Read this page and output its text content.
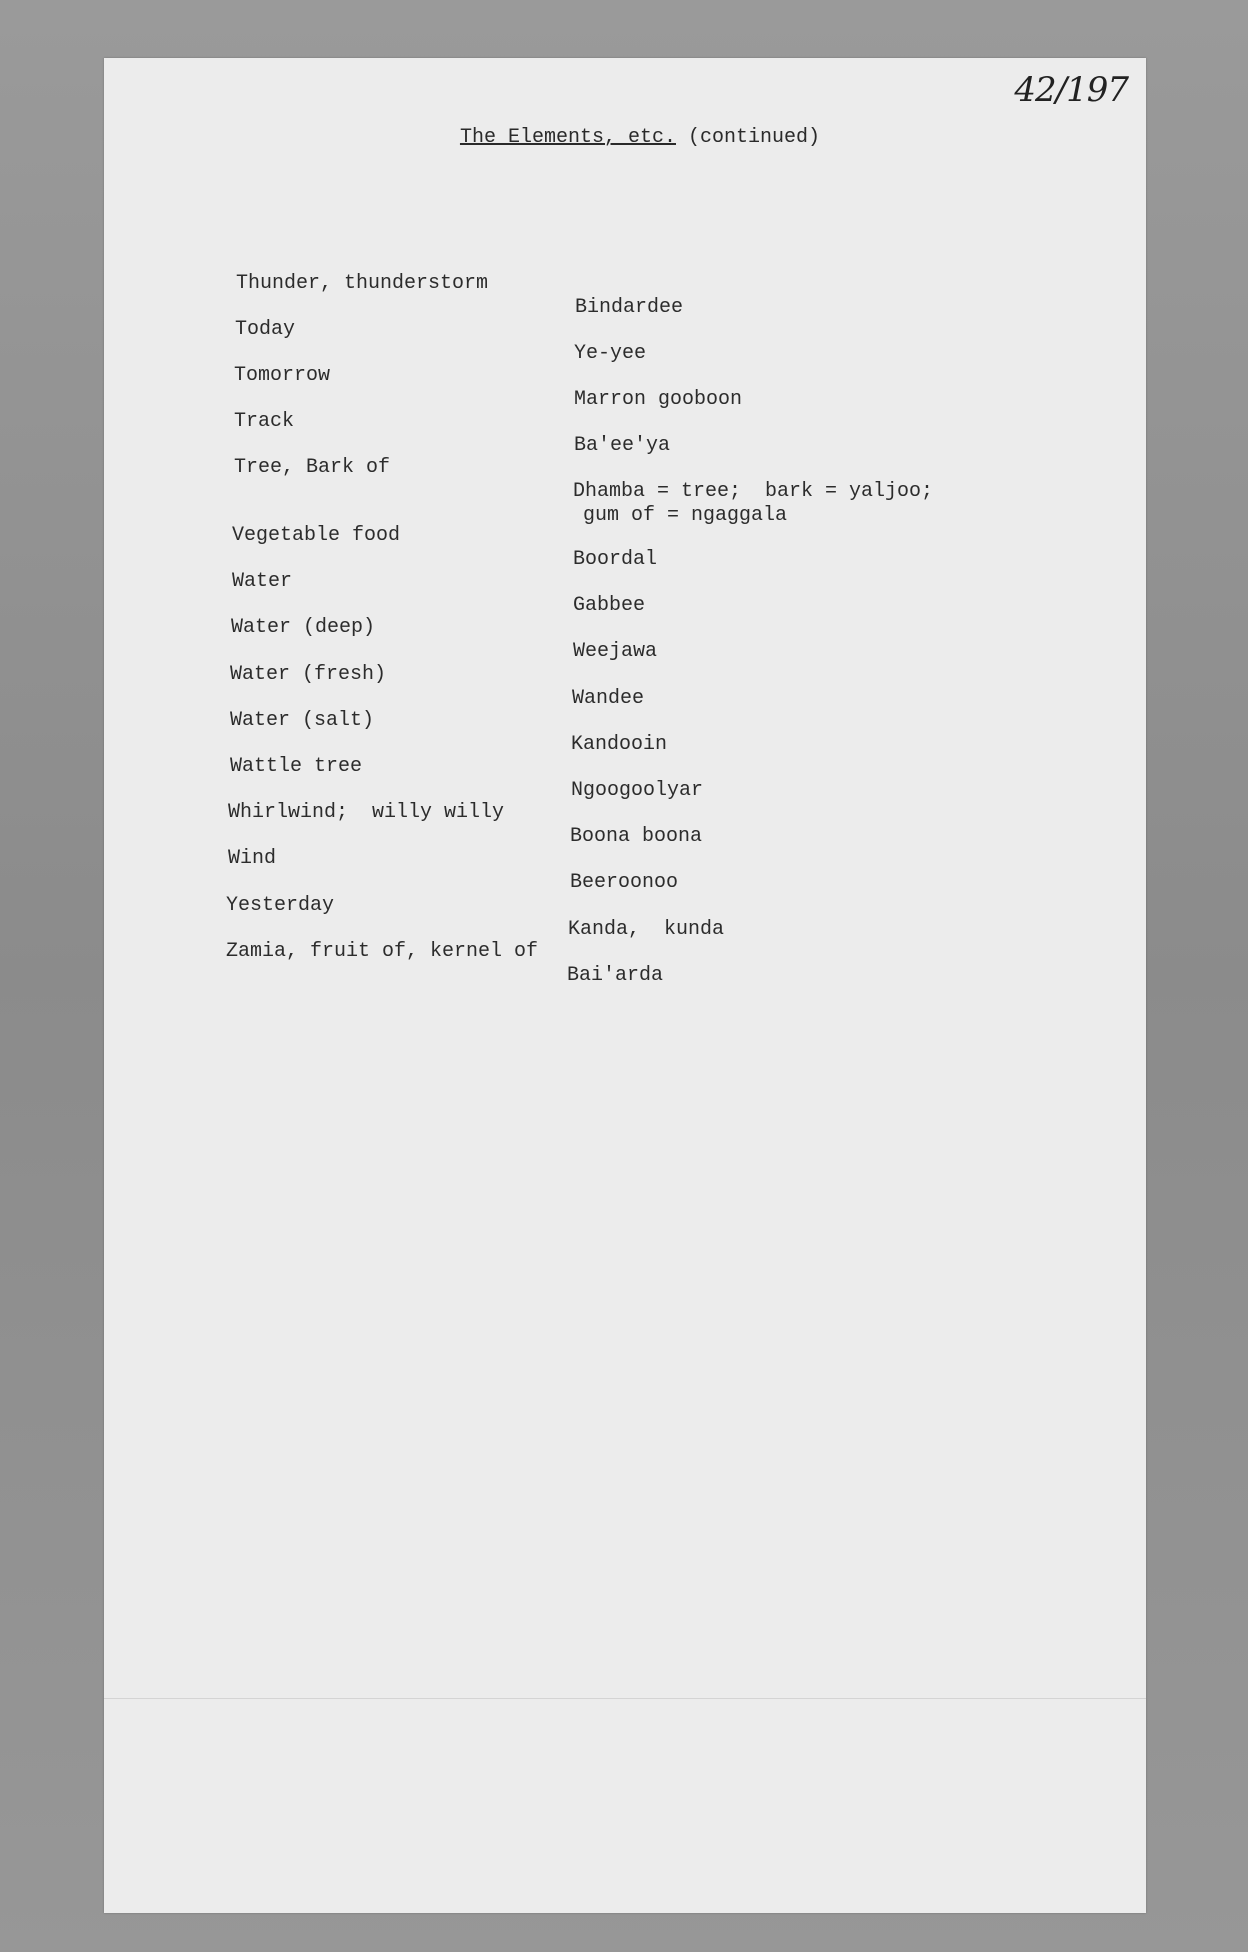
42/197
The Elements, etc. (continued)

Thunder, thunderstorm

Bindardee

Today

Ye-yee

Tomorrow

Marron gooboon

Track

Ba'ee'ya

Tree, Bark of

Dhamba = tree;  bark = yaljoo;
gum of = ngaggala

Vegetable food

Boordal

Water

Gabbee

Water (deep)

Weejawa

Water (fresh)

Wandee

Water (salt)

Kandooin

Wattle tree

Ngoogoolyar

Whirlwind;  willy willy

Boona boona

Wind

Beeroonoo

Yesterday

Kanda,  kunda

Zamia, fruit of, kernel of

Bai'arda
